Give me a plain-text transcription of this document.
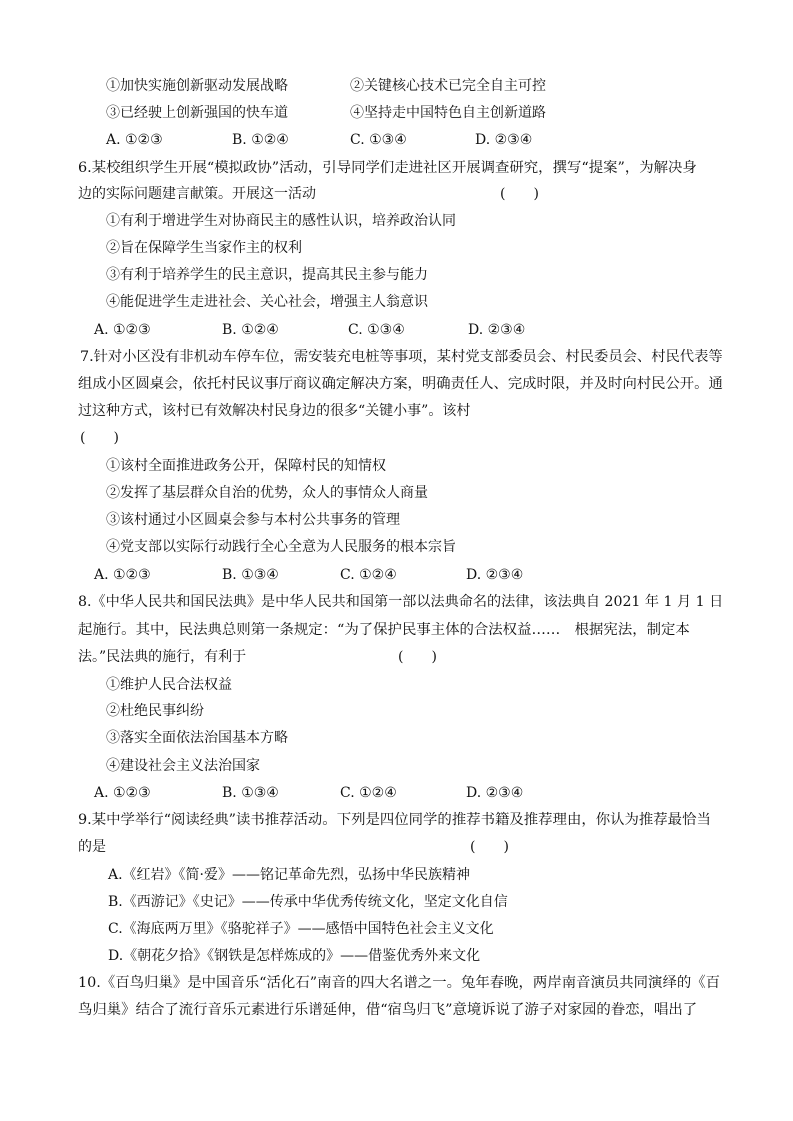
①加快实施创新驱动发展战略	②关键核心技术已完全自主可控
③已经驶上创新强国的快车道	④坚持走中国特色自主创新道路
A. ①②③	B. ①②④	C. ①③④	D. ②③④
6.某校组织学生开展“模拟政协”活动，引导同学们走进社区开展调查研究，撰写“提案”，为解决身
边的实际问题建言献策。开展这一活动	(　　)
①有利于增进学生对协商民主的感性认识，培养政治认同
②旨在保障学生当家作主的权利
③有利于培养学生的民主意识，提高其民主参与能力
④能促进学生走进社会、关心社会，增强主人翁意识
A. ①②③	B. ①②④	C. ①③④	D. ②③④
7.针对小区没有非机动车停车位，需安装充电桩等事项，某村党支部委员会、村民委员会、村民代表等
组成小区圆桌会，依托村民议事厅商议确定解决方案，明确责任人、完成时限，并及时向村民公开。通
过这种方式，该村已有效解决村民身边的很多“关键小事”。该村
(　　)
①该村全面推进政务公开，保障村民的知情权
②发挥了基层群众自治的优势，众人的事情众人商量
③该村通过小区圆桌会参与本村公共事务的管理
④党支部以实际行动践行全心全意为人民服务的根本宗旨
A. ①②③	B. ①③④	C. ①②④	D. ②③④
8.《中华人民共和国民法典》是中华人民共和国第一部以法典命名的法律，该法典自 2021 年 1 月 1 日
起施行。其中，民法典总则第一条规定：“为了保护民事主体的合法权益……　根据宪法，制定本
法。”民法典的施行，有利于	(　　)
①维护人民合法权益
②杜绝民事纠纷
③落实全面依法治国基本方略
④建设社会主义法治国家
A. ①②③	B. ①③④	C. ①②④	D. ②③④
9.某中学举行“阅读经典”读书推荐活动。下列是四位同学的推荐书籍及推荐理由，你认为推荐最恰当
的是	(　　)
A.《红岩》《简·爱》——铭记革命先烈，弘扬中华民族精神
B.《西游记》《史记》——传承中华优秀传统文化，坚定文化自信
C.《海底两万里》《骆驼祥子》——感悟中国特色社会主义文化
D.《朝花夕拾》《钢铁是怎样炼成的》——借鉴优秀外来文化
10.《百鸟归巢》是中国音乐“活化石”南音的四大名谱之一。兔年春晚，两岸南音演员共同演绎的《百
鸟归巢》结合了流行音乐元素进行乐谱延伸，借“宿鸟归飞”意境诉说了游子对家园的眷恋，唱出了
